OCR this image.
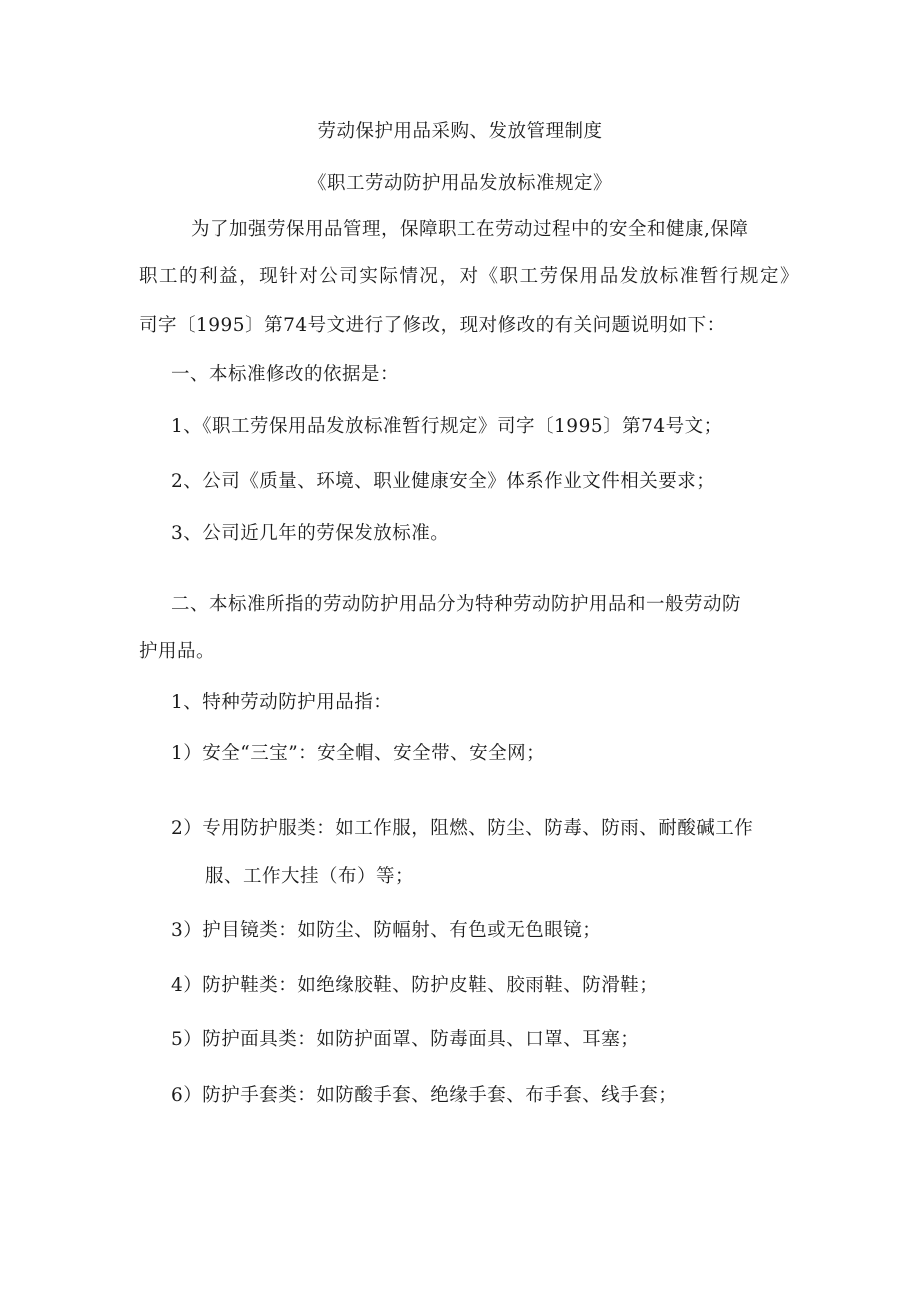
劳动保护用品采购、发放管理制度
《职工劳动防护用品发放标准规定》
为了加强劳保用品管理，保障职工在劳动过程中的安全和健康,保障
职工的利益，现针对公司实际情况，对《职工劳保用品发放标准暂行规定》
司字〔1995〕第74号文进行了修改，现对修改的有关问题说明如下：
一、本标准修改的依据是：
1、《职工劳保用品发放标准暂行规定》司字〔1995〕第74号文；
2、公司《质量、环境、职业健康安全》体系作业文件相关要求；
3、公司近几年的劳保发放标准。
二、本标准所指的劳动防护用品分为特种劳动防护用品和一般劳动防
护用品。
1、特种劳动防护用品指：
1）安全“三宝”：安全帽、安全带、安全网；
2）专用防护服类：如工作服，阻燃、防尘、防毒、防雨、耐酸碱工作
服、工作大挂（布）等；
3）护目镜类：如防尘、防幅射、有色或无色眼镜；
4）防护鞋类：如绝缘胶鞋、防护皮鞋、胶雨鞋、防滑鞋；
5）防护面具类：如防护面罩、防毒面具、口罩、耳塞；
6）防护手套类：如防酸手套、绝缘手套、布手套、线手套；
